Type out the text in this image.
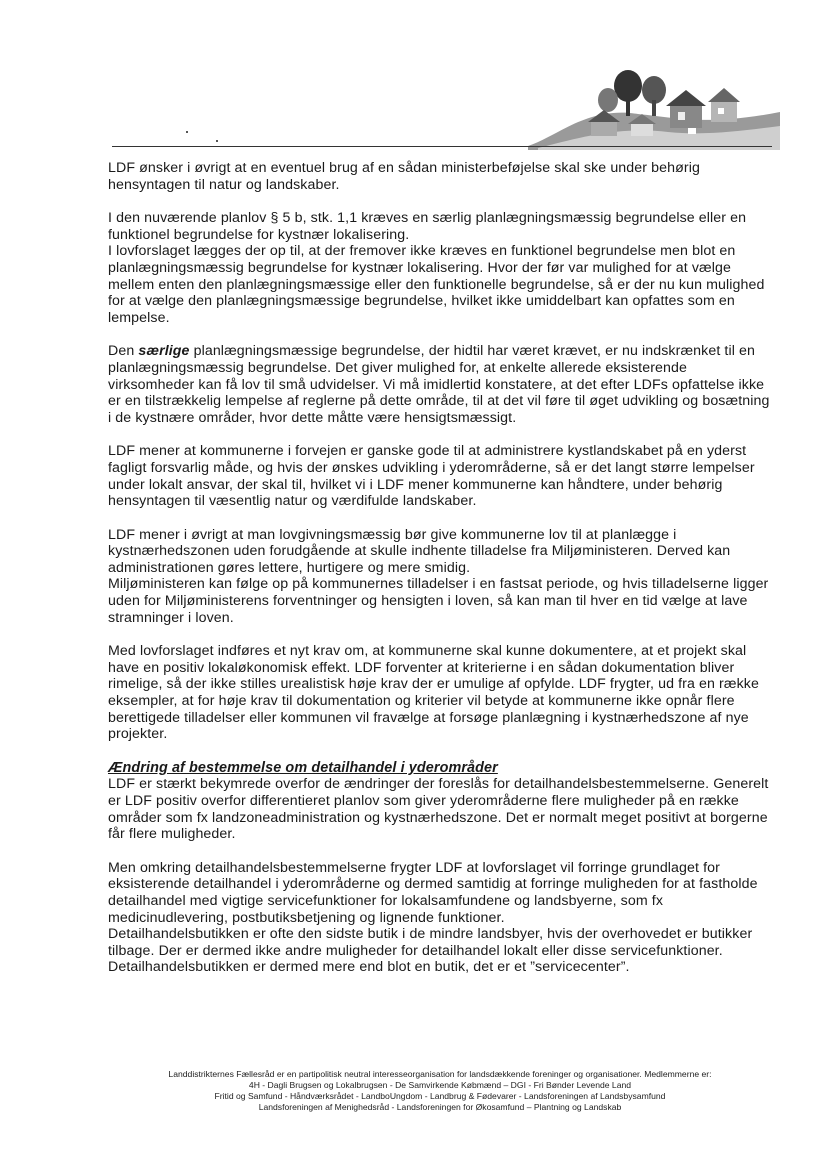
LDF ønsker i øvrigt at en eventuel brug af en sådan ministerbeføjelse skal ske under behørig hensyntagen til natur og landskaber.

I den nuværende planlov § 5 b, stk. 1,1 kræves en særlig planlægningsmæssig begrundelse eller en funktionel begrundelse for kystnær lokalisering.

I lovforslaget lægges der op til, at der fremover ikke kræves en funktionel begrundelse men blot en planlægningsmæssig begrundelse for kystnær lokalisering. Hvor der før var mulighed for at vælge mellem enten den planlægningsmæssige eller den funktionelle begrundelse, så er der nu kun mulighed for at vælge den planlægningsmæssige begrundelse, hvilket ikke umiddelbart kan opfattes som en lempelse.

Den særlige planlægningsmæssige begrundelse, der hidtil har været krævet, er nu indskrænket til en planlægningsmæssig begrundelse. Det giver mulighed for, at enkelte allerede eksisterende virksomheder kan få lov til små udvidelser. Vi må imidlertid konstatere, at det efter LDFs opfattelse ikke er en tilstrækkelig lempelse af reglerne på dette område, til at det vil føre til øget udvikling og bosætning i de kystnære områder, hvor dette måtte være hensigtsmæssigt.

LDF mener at kommunerne i forvejen er ganske gode til at administrere kystlandskabet på en yderst fagligt forsvarlig måde, og hvis der ønskes udvikling i yderområderne, så er det langt større lempelser under lokalt ansvar, der skal til, hvilket vi i LDF mener kommunerne kan håndtere, under behørig hensyntagen til væsentlig natur og værdifulde landskaber.

LDF mener i øvrigt at man lovgivningsmæssig bør give kommunerne lov til at planlægge i kystnærhedszonen uden forudgående at skulle indhente tilladelse fra Miljøministeren. Derved kan administrationen gøres lettere, hurtigere og mere smidig.

Miljøministeren kan følge op på kommunernes tilladelser i en fastsat periode, og hvis tilladelserne ligger uden for Miljøministerens forventninger og hensigten i loven, så kan man til hver en tid vælge at lave stramninger i loven.

Med lovforslaget indføres et nyt krav om, at kommunerne skal kunne dokumentere, at et projekt skal have en positiv lokaløkonomisk effekt. LDF forventer at kriterierne i en sådan dokumentation bliver rimelige, så der ikke stilles urealistisk høje krav der er umulige af opfylde. LDF frygter, ud fra en række eksempler, at for høje krav til dokumentation og kriterier vil betyde at kommunerne ikke opnår flere berettigede tilladelser eller kommunen vil fravælge at forsøge planlægning i kystnærhedszone af nye projekter.

Ændring af bestemmelse om detailhandel i yderområder

LDF er stærkt bekymrede overfor de ændringer der foreslås for detailhandelsbestemmelserne. Generelt er LDF positiv overfor differentieret planlov som giver yderområderne flere muligheder på en række områder som fx landzoneadministration og kystnærhedszone. Det er normalt meget positivt at borgerne får flere muligheder.

Men omkring detailhandelsbestemmelserne frygter LDF at lovforslaget vil forringe grundlaget for eksisterende detailhandel i yderområderne og dermed samtidig at forringe muligheden for at fastholde detailhandel med vigtige servicefunktioner for lokalsamfundene og landsbyerne, som fx medicinudlevering, postbutiksbetjening og lignende funktioner.

Detailhandelsbutikken er ofte den sidste butik i de mindre landsbyer, hvis der overhovedet er butikker tilbage. Der er dermed ikke andre muligheder for detailhandel lokalt eller disse servicefunktioner. Detailhandelsbutikken er dermed mere end blot en butik, det er et ”servicecenter”.

Landdistrikternes Fællesråd er en partipolitisk neutral interesseorganisation for landsdækkende foreninger og organisationer. Medlemmerne er:
4H - Dagli Brugsen og Lokalbrugsen - De Samvirkende Købmænd – DGI - Fri Bønder Levende Land
Fritid og Samfund - Håndværksrådet - LandboUngdom - Landbrug & Fødevarer - Landsforeningen af Landsbysamfund
Landsforeningen af Menighedsråd - Landsforeningen for Økosamfund – Plantning og Landskab
